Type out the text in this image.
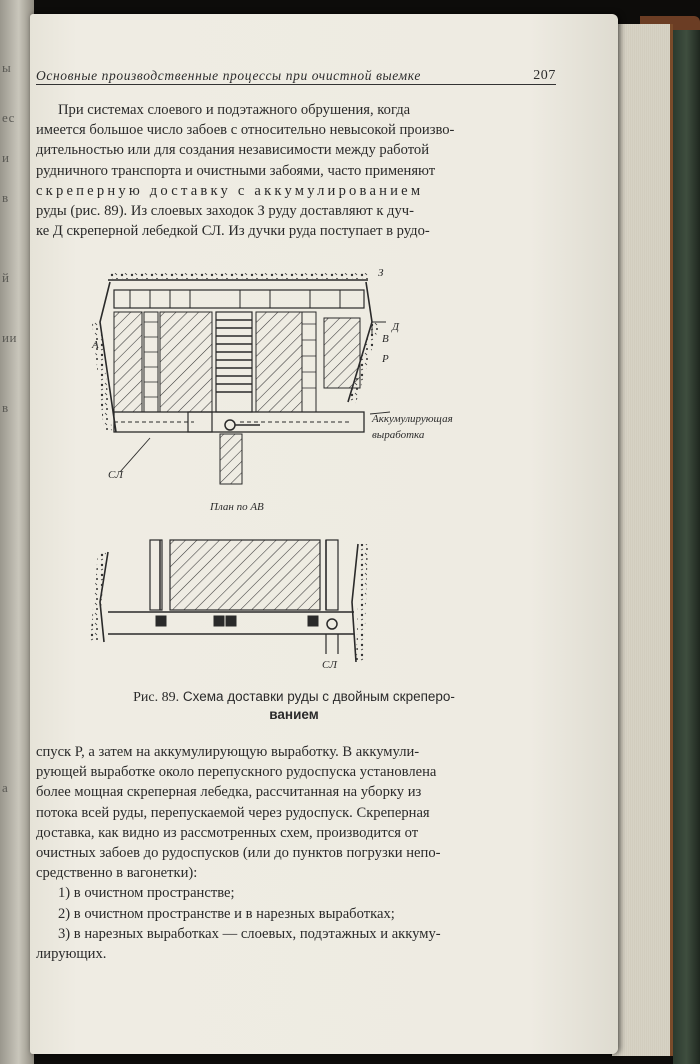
ы
ес
и
в
й
ии
в
а
Основные производственные процессы при очистной выемке	207

При системах слоевого и подэтажного обрушения, когда

имеется большое число забоев с относительно невысокой произво-

дительностью или для создания независимости между работой

рудничного транспорта и очистными забоями, часто применяют

скреперную доставку с аккумулированием

руды (рис. 89). Из слоевых заходок З руду доставляют к дуч-

ке Д скреперной лебедкой СЛ. Из дучки руда поступает в рудо-

З
Д
А	В
Р
Аккумулирующая
выработка
СЛ
План по АВ
СЛ
Рис. 89. Схема доставки руды с двойным скреперо-
ванием

спуск Р, а затем на аккумулирующую выработку. В аккумули-

рующей выработке около перепускного рудоспуска установлена

более мощная скреперная лебедка, рассчитанная на уборку из

потока всей руды, перепускаемой через рудоспуск. Скреперная

доставка, как видно из рассмотренных схем, производится от

очистных забоев до рудоспусков (или до пунктов погрузки непо-

средственно в вагонетки):

1) в очистном пространстве;

2) в очистном пространстве и в нарезных выработках;

3) в нарезных выработках — слоевых, подэтажных и аккуму-

лирующих.
